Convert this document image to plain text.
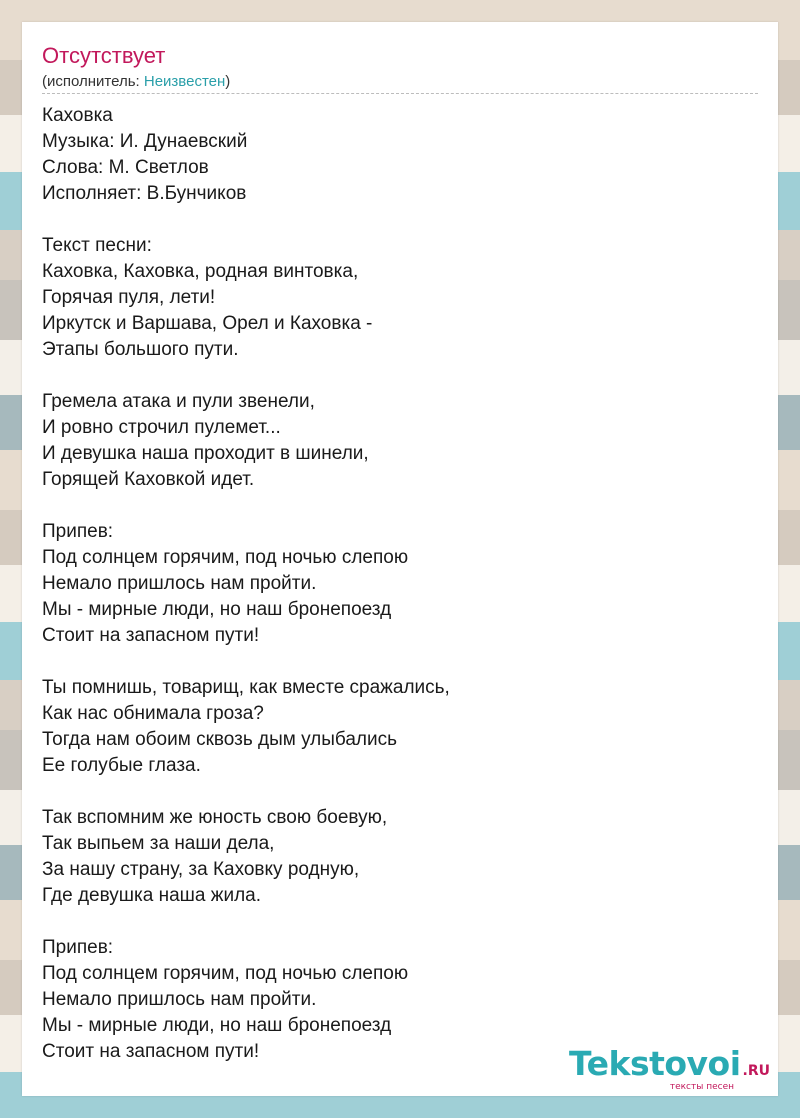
Отсутствует
(исполнитель: Неизвестен)
Каховка
Музыка: И. Дунаевский
Слова: М. Светлов
Исполняет: В.Бунчиков
Текст песни:
Каховка, Каховка, родная винтовка,
Горячая пуля, лети!
Иркутск и Варшава, Орел и Каховка -
Этапы большого пути.
Гремела атака и пули звенели,
И ровно строчил пулемет...
И девушка наша проходит в шинели,
Горящей Каховкой идет.
Припев:
Под солнцем горячим, под ночью слепою
Немало пришлось нам пройти.
Мы - мирные люди, но наш бронепоезд
Стоит на запасном пути!
Ты помнишь, товарищ, как вместе сражались,
Как нас обнимала гроза?
Тогда нам обоим сквозь дым улыбались
Ее голубые глаза.
Так вспомним же юность свою боевую,
Так выпьем за наши дела,
За нашу страну, за Каховку родную,
Где девушка наша жила.
Припев:
Под солнцем горячим, под ночью слепою
Немало пришлось нам пройти.
Мы - мирные люди, но наш бронепоезд
Стоит на запасном пути!	Tekstovoi .RU
тексты песен
